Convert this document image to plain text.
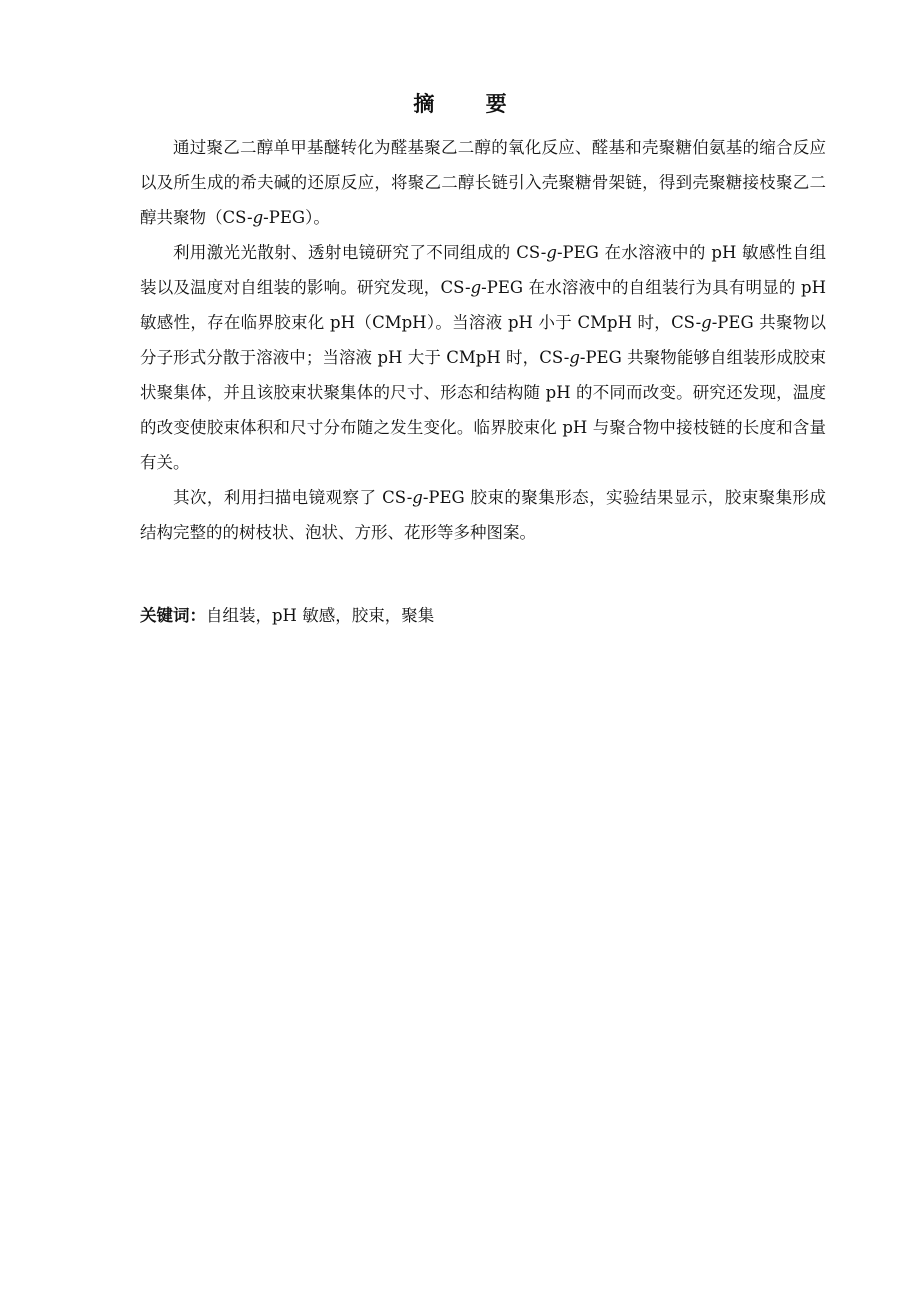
摘 要

通过聚乙二醇单甲基醚转化为醛基聚乙二醇的氧化反应、醛基和壳聚糖伯氨基的缩合反应以及所生成的希夫碱的还原反应，将聚乙二醇长链引入壳聚糖骨架链，得到壳聚糖接枝聚乙二醇共聚物（CS-g-PEG）。

利用激光光散射、透射电镜研究了不同组成的 CS-g-PEG 在水溶液中的 pH 敏感性自组装以及温度对自组装的影响。研究发现，CS-g-PEG 在水溶液中的自组装行为具有明显的 pH 敏感性，存在临界胶束化 pH（CMpH）。当溶液 pH 小于 CMpH 时，CS-g-PEG 共聚物以分子形式分散于溶液中；当溶液 pH 大于 CMpH 时，CS-g-PEG 共聚物能够自组装形成胶束状聚集体，并且该胶束状聚集体的尺寸、形态和结构随 pH 的不同而改变。研究还发现，温度的改变使胶束体积和尺寸分布随之发生变化。临界胶束化 pH 与聚合物中接枝链的长度和含量有关。

其次，利用扫描电镜观察了 CS-g-PEG 胶束的聚集形态，实验结果显示，胶束聚集形成结构完整的的树枝状、泡状、方形、花形等多种图案。

关键词：自组装，pH 敏感，胶束，聚集
